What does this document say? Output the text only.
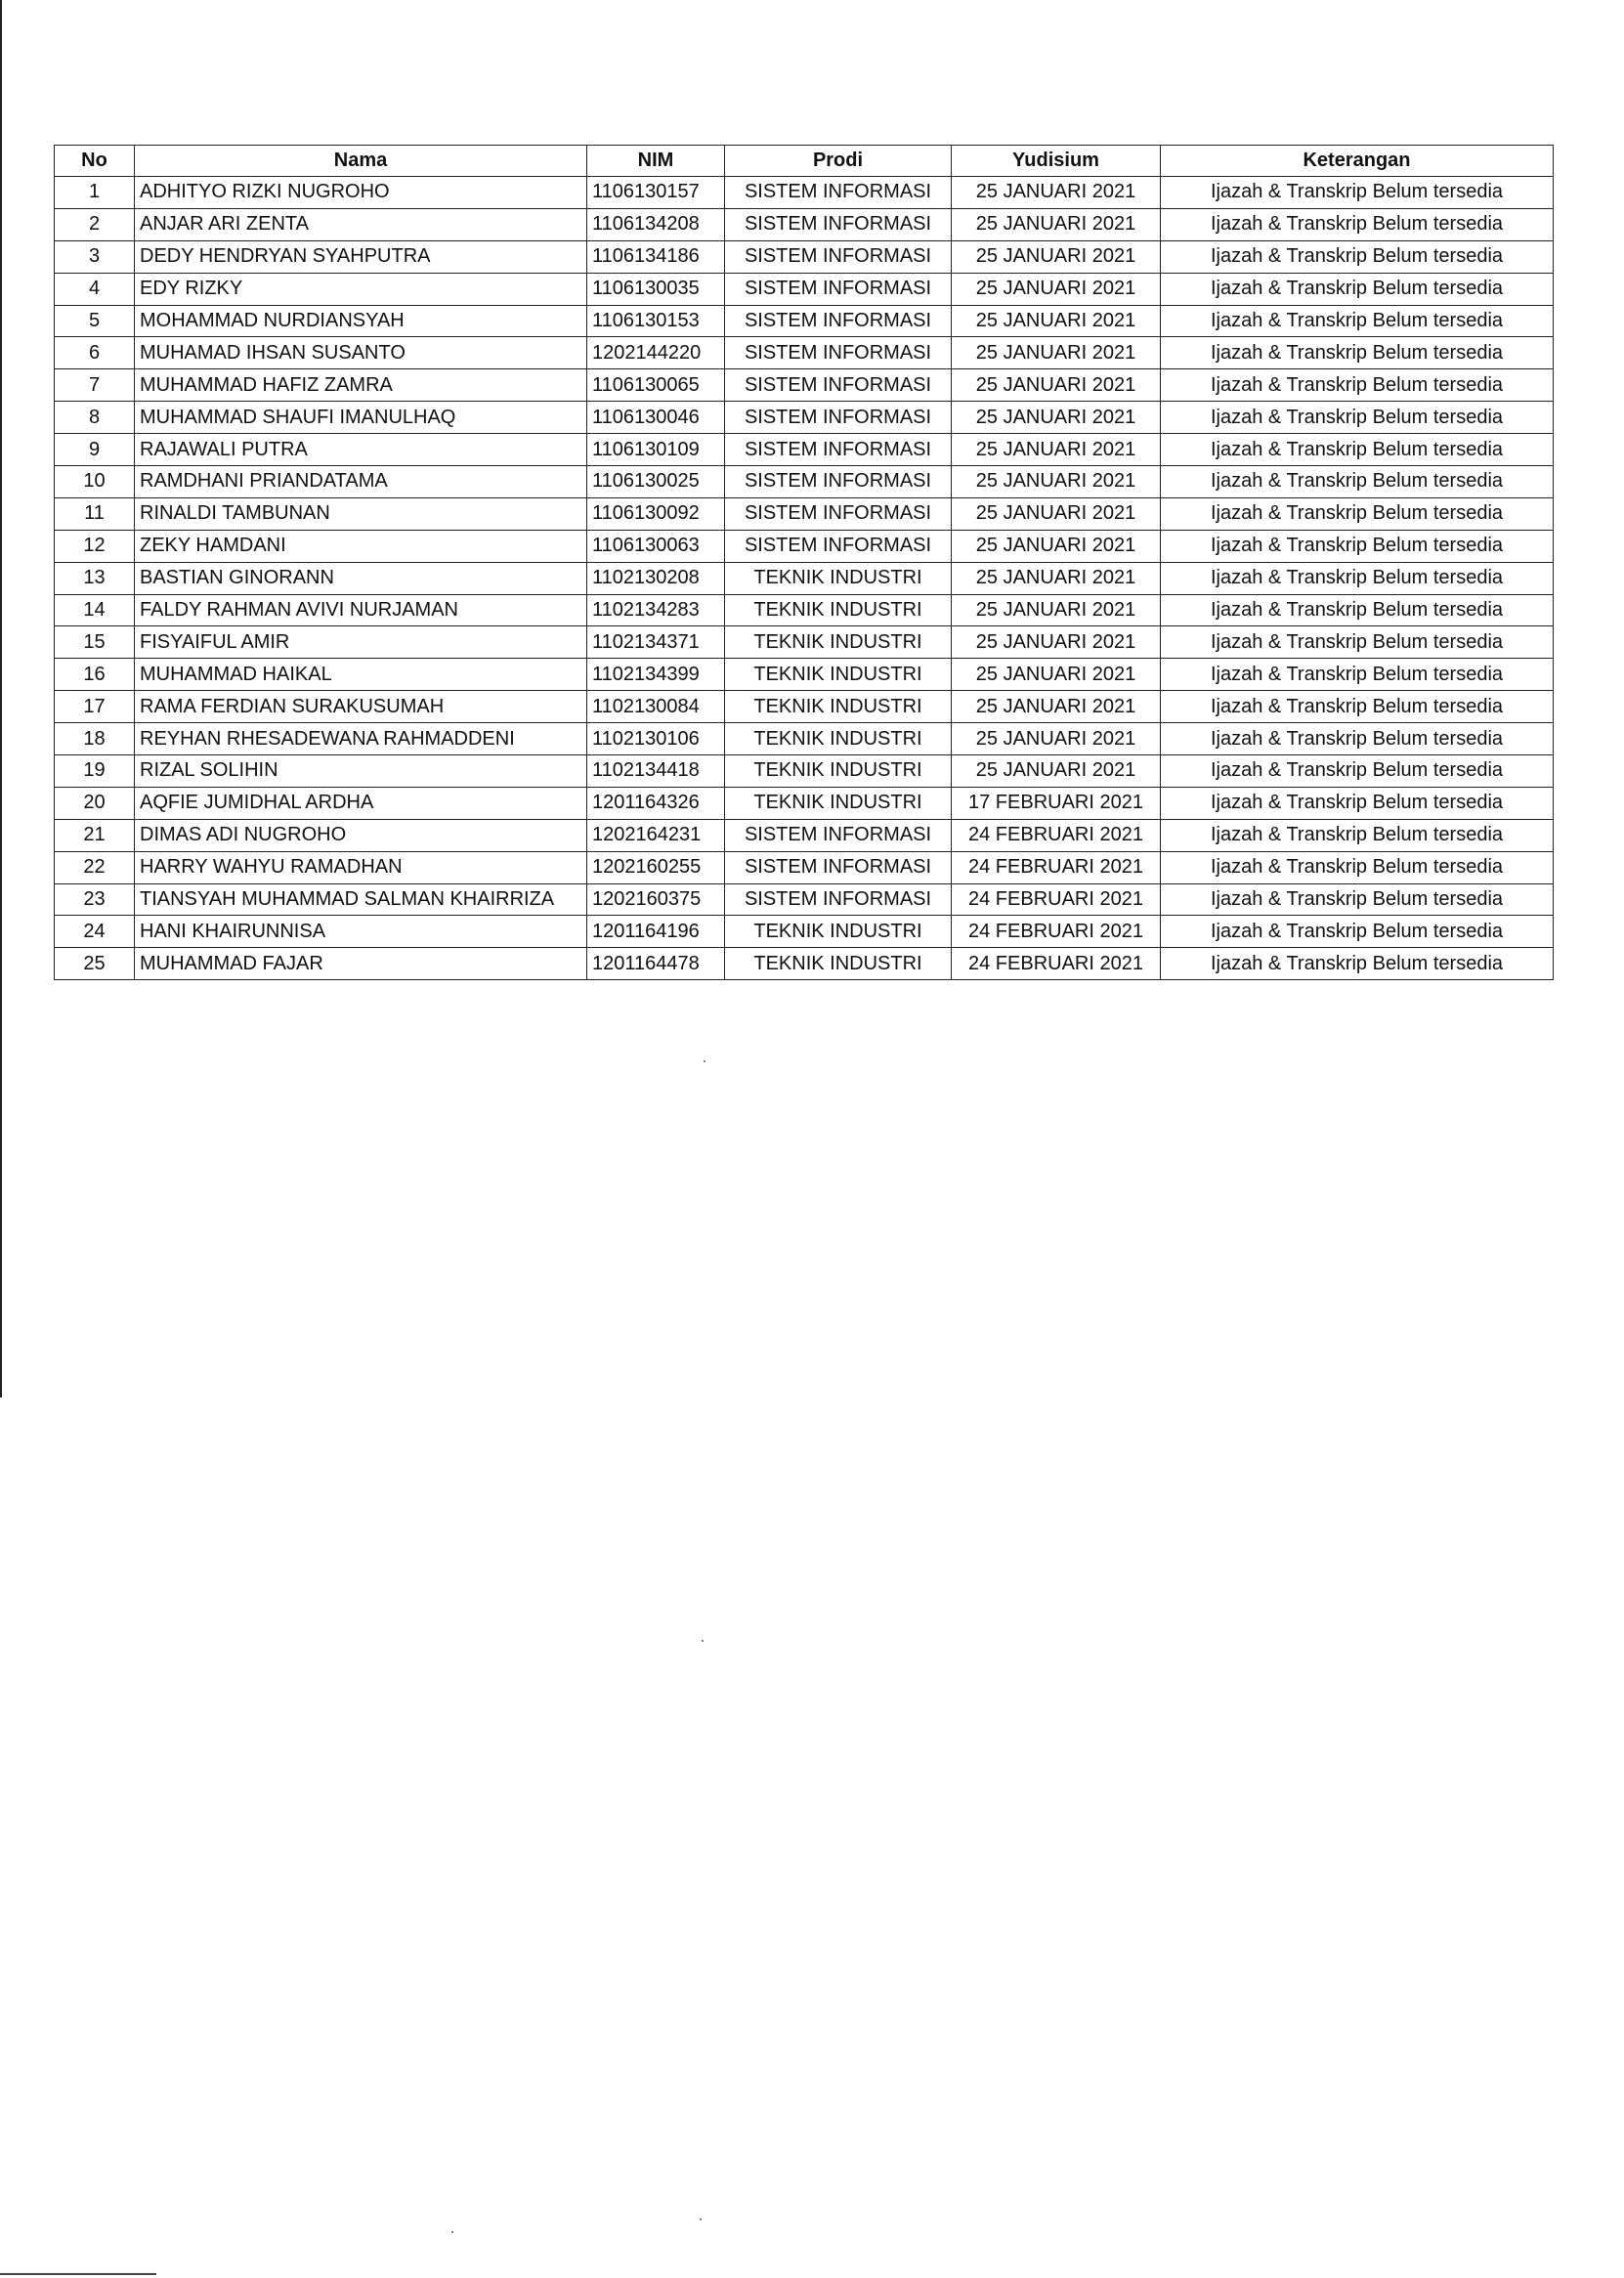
No	Nama	NIM	Prodi	Yudisium	Keterangan
1	ADHITYO RIZKI NUGROHO	1106130157	SISTEM INFORMASI	25 JANUARI 2021	Ijazah & Transkrip Belum tersedia
2	ANJAR ARI ZENTA	1106134208	SISTEM INFORMASI	25 JANUARI 2021	Ijazah & Transkrip Belum tersedia
3	DEDY HENDRYAN SYAHPUTRA	1106134186	SISTEM INFORMASI	25 JANUARI 2021	Ijazah & Transkrip Belum tersedia
4	EDY RIZKY	1106130035	SISTEM INFORMASI	25 JANUARI 2021	Ijazah & Transkrip Belum tersedia
5	MOHAMMAD NURDIANSYAH	1106130153	SISTEM INFORMASI	25 JANUARI 2021	Ijazah & Transkrip Belum tersedia
6	MUHAMAD IHSAN SUSANTO	1202144220	SISTEM INFORMASI	25 JANUARI 2021	Ijazah & Transkrip Belum tersedia
7	MUHAMMAD HAFIZ ZAMRA	1106130065	SISTEM INFORMASI	25 JANUARI 2021	Ijazah & Transkrip Belum tersedia
8	MUHAMMAD SHAUFI IMANULHAQ	1106130046	SISTEM INFORMASI	25 JANUARI 2021	Ijazah & Transkrip Belum tersedia
9	RAJAWALI PUTRA	1106130109	SISTEM INFORMASI	25 JANUARI 2021	Ijazah & Transkrip Belum tersedia
10	RAMDHANI PRIANDATAMA	1106130025	SISTEM INFORMASI	25 JANUARI 2021	Ijazah & Transkrip Belum tersedia
11	RINALDI TAMBUNAN	1106130092	SISTEM INFORMASI	25 JANUARI 2021	Ijazah & Transkrip Belum tersedia
12	ZEKY HAMDANI	1106130063	SISTEM INFORMASI	25 JANUARI 2021	Ijazah & Transkrip Belum tersedia
13	BASTIAN GINORANN	1102130208	TEKNIK INDUSTRI	25 JANUARI 2021	Ijazah & Transkrip Belum tersedia
14	FALDY RAHMAN AVIVI NURJAMAN	1102134283	TEKNIK INDUSTRI	25 JANUARI 2021	Ijazah & Transkrip Belum tersedia
15	FISYAIFUL AMIR	1102134371	TEKNIK INDUSTRI	25 JANUARI 2021	Ijazah & Transkrip Belum tersedia
16	MUHAMMAD HAIKAL	1102134399	TEKNIK INDUSTRI	25 JANUARI 2021	Ijazah & Transkrip Belum tersedia
17	RAMA FERDIAN SURAKUSUMAH	1102130084	TEKNIK INDUSTRI	25 JANUARI 2021	Ijazah & Transkrip Belum tersedia
18	REYHAN RHESADEWANA RAHMADDENI	1102130106	TEKNIK INDUSTRI	25 JANUARI 2021	Ijazah & Transkrip Belum tersedia
19	RIZAL SOLIHIN	1102134418	TEKNIK INDUSTRI	25 JANUARI 2021	Ijazah & Transkrip Belum tersedia
20	AQFIE JUMIDHAL ARDHA	1201164326	TEKNIK INDUSTRI	17 FEBRUARI 2021	Ijazah & Transkrip Belum tersedia
21	DIMAS ADI NUGROHO	1202164231	SISTEM INFORMASI	24 FEBRUARI 2021	Ijazah & Transkrip Belum tersedia
22	HARRY WAHYU RAMADHAN	1202160255	SISTEM INFORMASI	24 FEBRUARI 2021	Ijazah & Transkrip Belum tersedia
23	TIANSYAH MUHAMMAD SALMAN KHAIRRIZA	1202160375	SISTEM INFORMASI	24 FEBRUARI 2021	Ijazah & Transkrip Belum tersedia
24	HANI KHAIRUNNISA	1201164196	TEKNIK INDUSTRI	24 FEBRUARI 2021	Ijazah & Transkrip Belum tersedia
25	MUHAMMAD FAJAR	1201164478	TEKNIK INDUSTRI	24 FEBRUARI 2021	Ijazah & Transkrip Belum tersedia
